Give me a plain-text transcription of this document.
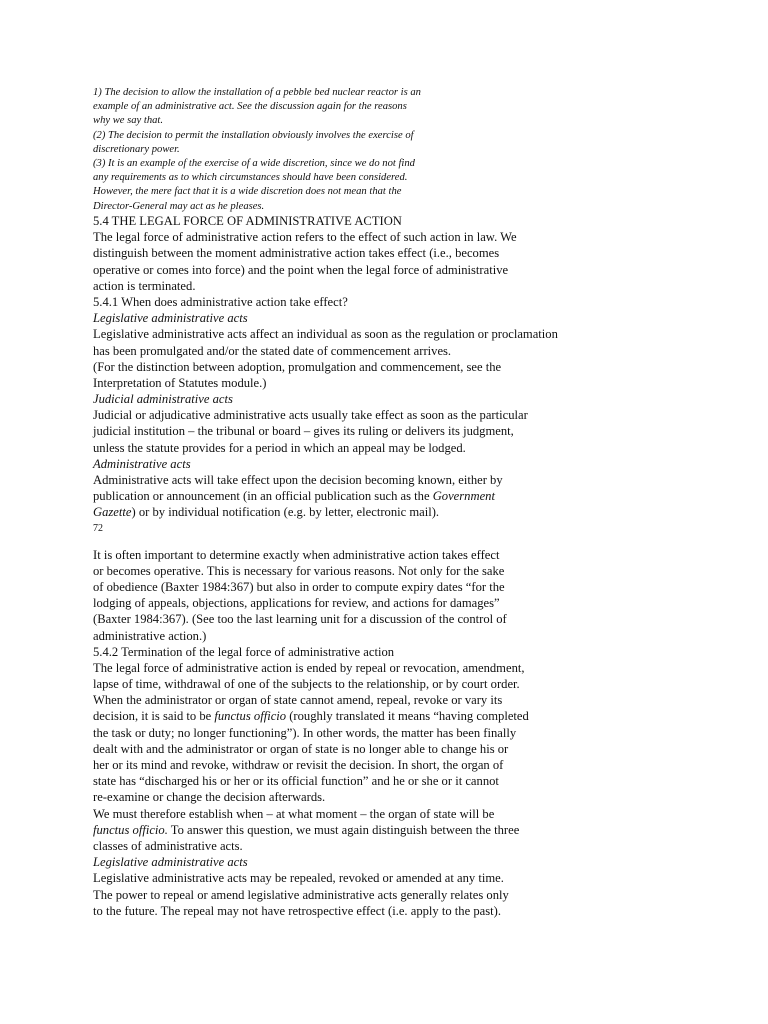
1) The decision to allow the installation of a pebble bed nuclear reactor is an
example of an administrative act. See the discussion again for the reasons
why we say that.
(2) The decision to permit the installation obviously involves the exercise of
discretionary power.
(3) It is an example of the exercise of a wide discretion, since we do not find
any requirements as to which circumstances should have been considered.
However, the mere fact that it is a wide discretion does not mean that the
Director-General may act as he pleases.
5.4 THE LEGAL FORCE OF ADMINISTRATIVE ACTION
The legal force of administrative action refers to the effect of such action in law. We
distinguish between the moment administrative action takes effect (i.e., becomes
operative or comes into force) and the point when the legal force of administrative
action is terminated.
5.4.1 When does administrative action take effect?
Legislative administrative acts
Legislative administrative acts affect an individual as soon as the regulation or proclamation
has been promulgated and/or the stated date of commencement arrives.
(For the distinction between adoption, promulgation and commencement, see the
Interpretation of Statutes module.)
Judicial administrative acts
Judicial or adjudicative administrative acts usually take effect as soon as the particular
judicial institution – the tribunal or board – gives its ruling or delivers its judgment,
unless the statute provides for a period in which an appeal may be lodged.
Administrative acts
Administrative acts will take effect upon the decision becoming known, either by
publication or announcement (in an official publication such as the Government
Gazette) or by individual notification (e.g. by letter, electronic mail).
72
It is often important to determine exactly when administrative action takes effect
or becomes operative. This is necessary for various reasons. Not only for the sake
of obedience (Baxter 1984:367) but also in order to compute expiry dates “for the
lodging of appeals, objections, applications for review, and actions for damages”
(Baxter 1984:367). (See too the last learning unit for a discussion of the control of
administrative action.)
5.4.2 Termination of the legal force of administrative action
The legal force of administrative action is ended by repeal or revocation, amendment,
lapse of time, withdrawal of one of the subjects to the relationship, or by court order.
When the administrator or organ of state cannot amend, repeal, revoke or vary its
decision, it is said to be functus officio (roughly translated it means “having completed
the task or duty; no longer functioning”). In other words, the matter has been finally
dealt with and the administrator or organ of state is no longer able to change his or
her or its mind and revoke, withdraw or revisit the decision. In short, the organ of
state has “discharged his or her or its official function” and he or she or it cannot
re-examine or change the decision afterwards.
We must therefore establish when – at what moment – the organ of state will be
functus officio. To answer this question, we must again distinguish between the three
classes of administrative acts.
Legislative administrative acts
Legislative administrative acts may be repealed, revoked or amended at any time.
The power to repeal or amend legislative administrative acts generally relates only
to the future. The repeal may not have retrospective effect (i.e. apply to the past).
